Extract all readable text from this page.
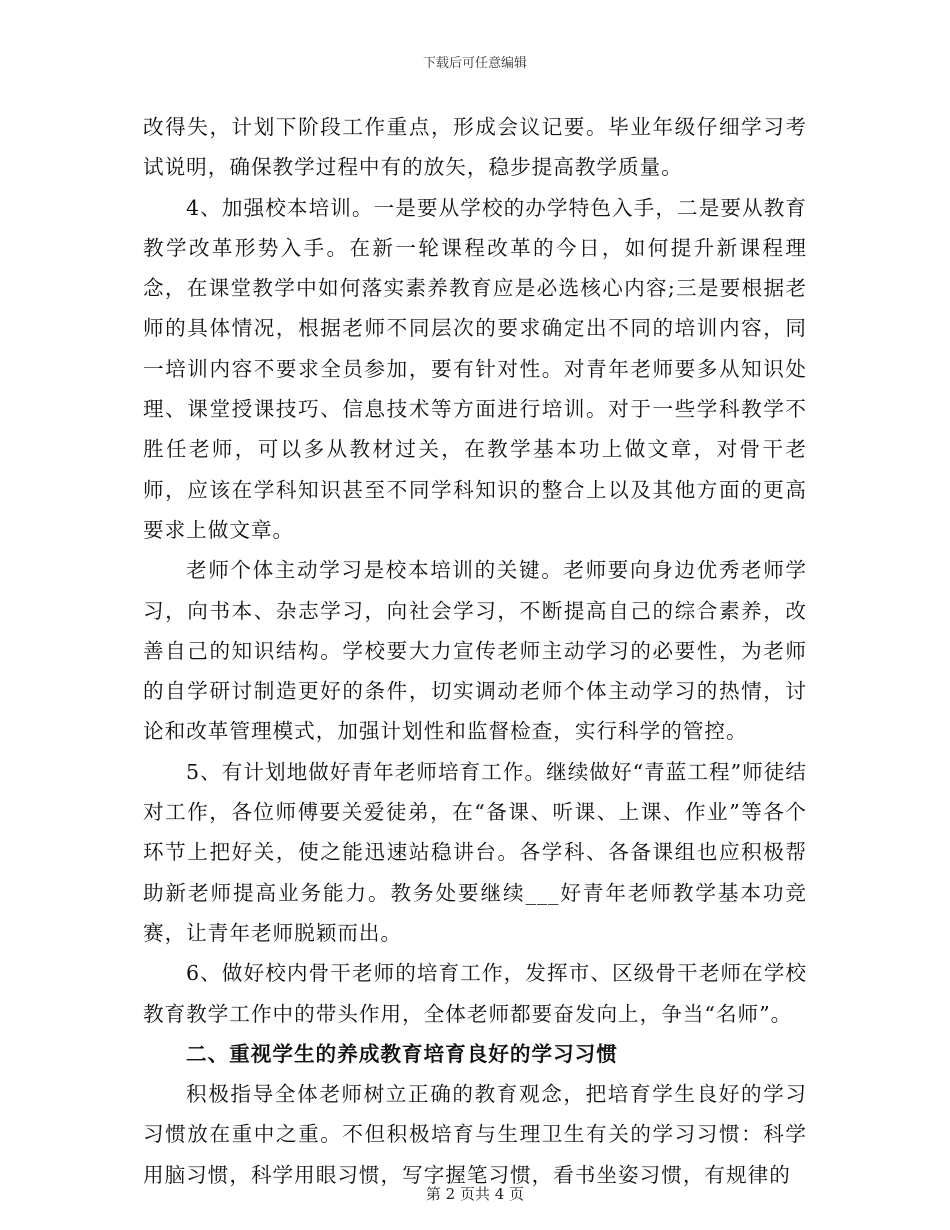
下载后可任意编辑

改得失，计划下阶段工作重点，形成会议记要。毕业年级仔细学习考试说明，确保教学过程中有的放矢，稳步提高教学质量。

4、加强校本培训。一是要从学校的办学特色入手，二是要从教育教学改革形势入手。在新一轮课程改革的今日，如何提升新课程理念，在课堂教学中如何落实素养教育应是必选核心内容;三是要根据老师的具体情况，根据老师不同层次的要求确定出不同的培训内容，同一培训内容不要求全员参加，要有针对性。对青年老师要多从知识处理、课堂授课技巧、信息技术等方面进行培训。对于一些学科教学不胜任老师，可以多从教材过关，在教学基本功上做文章，对骨干老师，应该在学科知识甚至不同学科知识的整合上以及其他方面的更高要求上做文章。

老师个体主动学习是校本培训的关键。老师要向身边优秀老师学习，向书本、杂志学习，向社会学习，不断提高自己的综合素养，改善自己的知识结构。学校要大力宣传老师主动学习的必要性，为老师的自学研讨制造更好的条件，切实调动老师个体主动学习的热情，讨论和改革管理模式，加强计划性和监督检查，实行科学的管控。

5、有计划地做好青年老师培育工作。继续做好“青蓝工程”师徒结对工作，各位师傅要关爱徒弟，在“备课、听课、上课、作业”等各个环节上把好关，使之能迅速站稳讲台。各学科、各备课组也应积极帮助新老师提高业务能力。教务处要继续___好青年老师教学基本功竞赛，让青年老师脱颖而出。

6、做好校内骨干老师的培育工作，发挥市、区级骨干老师在学校教育教学工作中的带头作用，全体老师都要奋发向上，争当“名师”。

二、重视学生的养成教育培育良好的学习习惯

积极指导全体老师树立正确的教育观念，把培育学生良好的学习习惯放在重中之重。不但积极培育与生理卫生有关的学习习惯：科学用脑习惯，科学用眼习惯，写字握笔习惯，看书坐姿习惯，有规律的

第 2 页共 4 页
